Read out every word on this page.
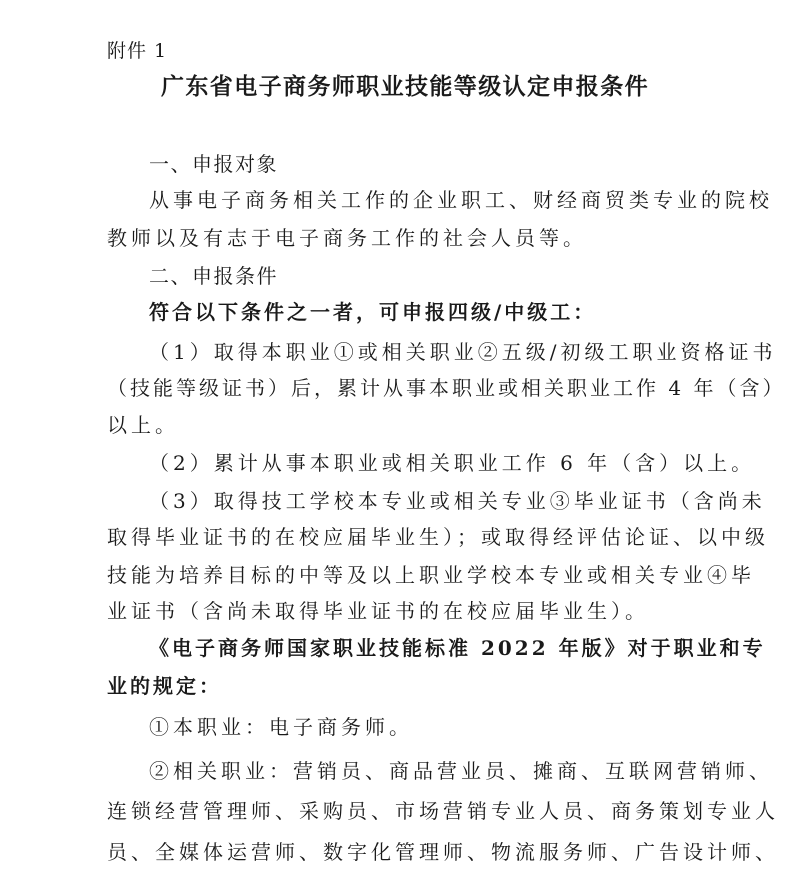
附件 1
广东省电子商务师职业技能等级认定申报条件
一、申报对象
从事电子商务相关工作的企业职工、财经商贸类专业的院校
教师以及有志于电子商务工作的社会人员等。
二、申报条件
符合以下条件之一者，可申报四级/中级工：
（1）取得本职业①或相关职业②五级/初级工职业资格证书
（技能等级证书）后，累计从事本职业或相关职业工作 4 年（含）
以上。
（2）累计从事本职业或相关职业工作 6 年（含）以上。
（3）取得技工学校本专业或相关专业③毕业证书（含尚未
取得毕业证书的在校应届毕业生）；或取得经评估论证、以中级
技能为培养目标的中等及以上职业学校本专业或相关专业④毕
业证书（含尚未取得毕业证书的在校应届毕业生）。
《电子商务师国家职业技能标准 2022 年版》对于职业和专
业的规定：
①本职业：电子商务师。
②相关职业：营销员、商品营业员、摊商、互联网营销师、
连锁经营管理师、采购员、市场营销专业人员、商务策划专业人
员、全媒体运营师、数字化管理师、物流服务师、广告设计师、
